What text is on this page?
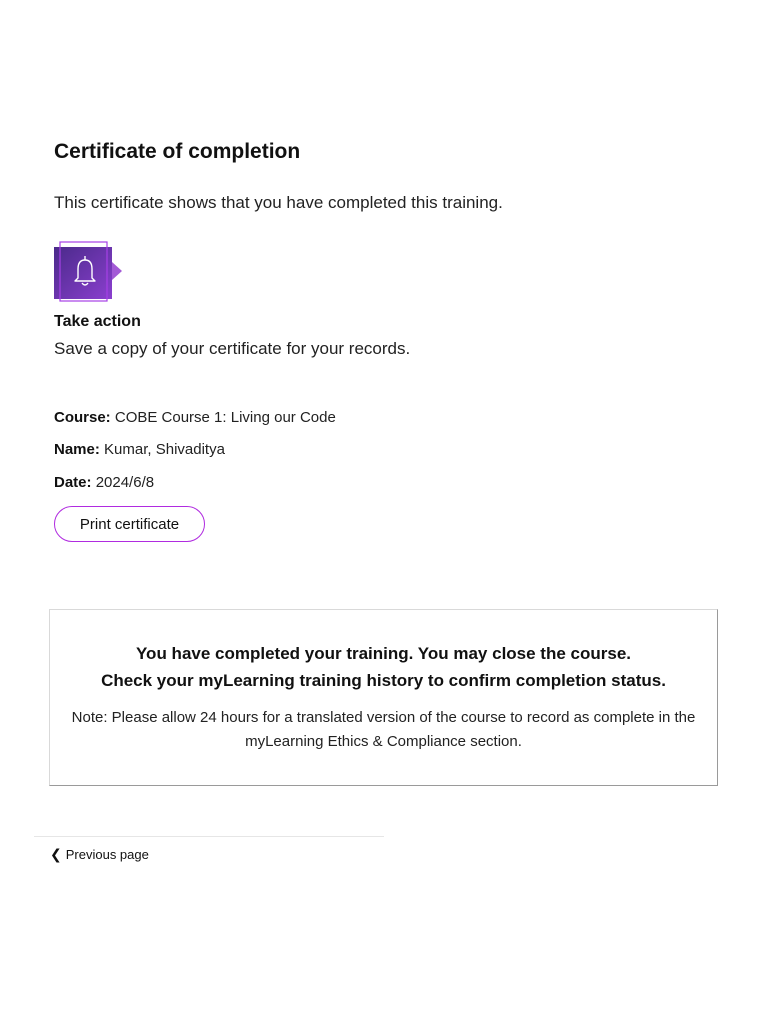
Certificate of completion

This certificate shows that you have completed this training.

Take action

Save a copy of your certificate for your records.

Course: COBE Course 1: Living our Code

Name: Kumar, Shivaditya

Date: 2024/6/8

Print certificate

You have completed your training. You may close the course.

Check your myLearning training history to confirm completion status.

Note: Please allow 24 hours for a translated version of the course to record as complete in the myLearning Ethics & Compliance section.

❮ Previous page
